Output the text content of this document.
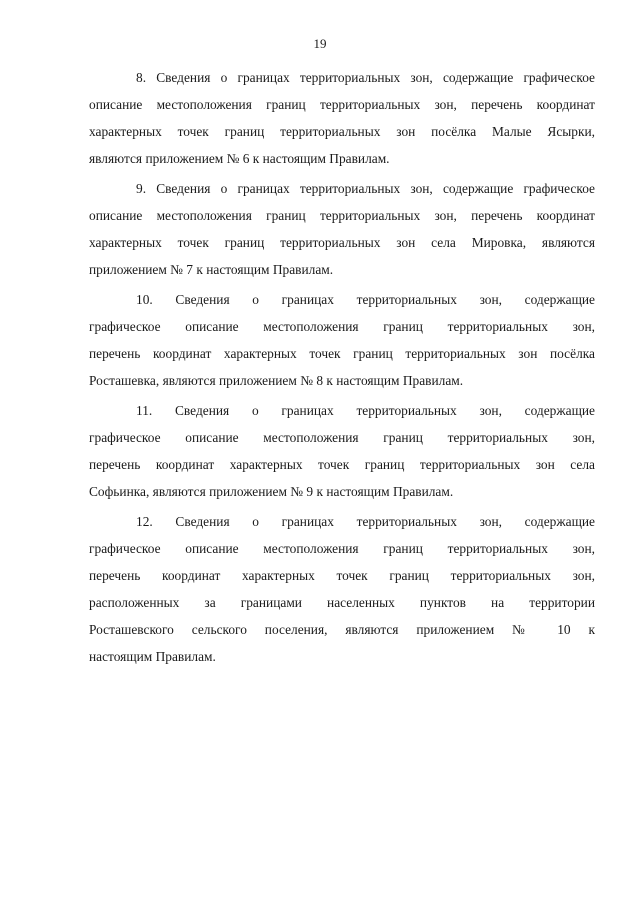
19
8. Сведения о границах территориальных зон, содержащие графическое
описание местоположения границ территориальных зон, перечень координат
характерных точек границ территориальных зон посёлка Малые Ясырки,
являются приложением № 6 к настоящим Правилам.
9. Сведения о границах территориальных зон, содержащие графическое
описание местоположения границ территориальных зон, перечень координат
характерных точек границ территориальных зон села Мировка, являются
приложением № 7 к настоящим Правилам.
10. Сведения о границах территориальных зон, содержащие
графическое описание местоположения границ территориальных зон,
перечень координат характерных точек границ территориальных зон посёлка
Росташевка, являются приложением № 8 к настоящим Правилам.
11. Сведения о границах территориальных зон, содержащие
графическое описание местоположения границ территориальных зон,
перечень координат характерных точек границ территориальных зон села
Софьинка, являются приложением № 9 к настоящим Правилам.
12. Сведения о границах территориальных зон, содержащие
графическое описание местоположения границ территориальных зон,
перечень координат характерных точек границ территориальных зон,
расположенных за границами населенных пунктов на территории
Росташевского сельского поселения, являются приложением № 10 к
настоящим Правилам.
